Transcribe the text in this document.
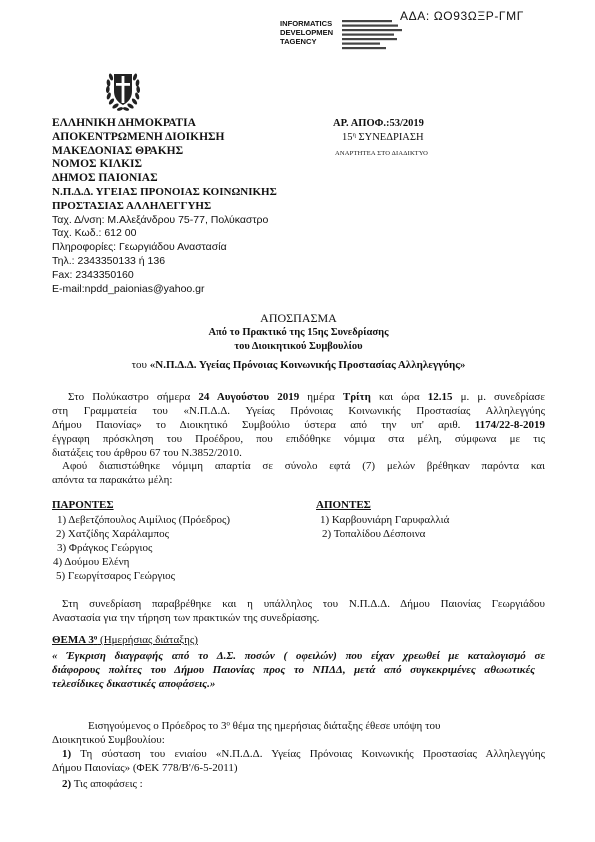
ΑΔΑ: ΩΟ93ΩΞΡ-ΓΜΓ
INFORMATICS
DEVELOPMEN
TAGENCY
ΕΛΛΗΝΙΚΗ ΔΗΜΟΚΡΑΤΙΑ
ΑΠΟΚΕΝΤΡΩΜΕΝΗ ΔΙΟΙΚΗΣΗ
ΜΑΚΕΔΟΝΙΑΣ ΘΡΑΚΗΣ
ΝΟΜΟΣ ΚΙΛΚΙΣ
ΔΗΜΟΣ ΠΑΙΟΝΙΑΣ
Ν.Π.Δ.Δ. ΥΓΕΙΑΣ ΠΡΟΝΟΙΑΣ ΚΟΙΝΩΝΙΚΗΣ
ΠΡΟΣΤΑΣΙΑΣ ΑΛΛΗΛΕΓΓΥΗΣ
Ταχ. Δ/νση: Μ.Αλεξάνδρου 75-77, Πολύκαστρο
Ταχ. Κωδ.: 612 00
Πληροφορίες: Γεωργιάδου Αναστασία
Τηλ.: 2343350133 ή 136
Fax: 2343350160
E-mail:npdd_paionias@yahoo.gr
ΑΡ. ΑΠΟΦ.:53/2019
$15^\eta$ ΣΥΝΕΔΡΙΑΣΗ
ΑΝΑΡΤΗΤΕΑ ΣΤΟ ΔΙΑΔΙΚΤΥΟ
ΑΠΟΣΠΑΣΜΑ
Από το Πρακτικό της 15ης Συνεδρίασης
του Διοικητικού Συμβουλίου
του «Ν.Π.Δ.Δ. Υγείας Πρόνοιας Κοινωνικής Προστασίας Αλληλεγγύης»
Στο Πολύκαστρο σήμερα 24 Αυγούστου 2019 ημέρα Τρίτη και ώρα 12.15 μ. μ. συνεδρίασε
στη Γραμματεία του «Ν.Π.Δ.Δ. Υγείας Πρόνοιας Κοινωνικής Προστασίας Αλληλεγγύης
Δήμου Παιονίας» το Διοικητικό Συμβούλιο ύστερα από την υπ' αριθ. 1174/22-8-2019
έγγραφη πρόσκληση του Προέδρου, που επιδόθηκε νόμιμα στα μέλη, σύμφωνα με τις
διατάξεις του άρθρου 67 του Ν.3852/2010.
Αφού διαπιστώθηκε νόμιμη απαρτία σε σύνολο εφτά (7) μελών βρέθηκαν παρόντα και
απόντα τα παρακάτω μέλη:
ΠΑΡΟΝΤΕΣ	ΑΠΟΝΤΕΣ
1) Δεβετζόπουλος Αιμίλιος (Πρόεδρος)
2) Χατζίδης Χαράλαμπος
3) Φράγκος Γεώργιος
4) Δούμου Ελένη
5) Γεωργίτσαρος Γεώργιος
1) Καρβουνιάρη Γαρυφαλλιά
2) Τοπαλίδου Δέσποινα
Στη συνεδρίαση παραβρέθηκε και η υπάλληλος του Ν.Π.Δ.Δ. Δήμου Παιονίας Γεωργιάδου
Αναστασία για την τήρηση των πρακτικών της συνεδρίασης.
ΘΕΜΑ $3^o$ (Ημερήσιας διάταξης)
« Έγκριση διαγραφής από το Δ.Σ. ποσών ( οφειλών) που είχαν χρεωθεί με καταλογισμό σε
διάφορους πολίτες του Δήμου Παιονίας προς το ΝΠΔΔ, μετά από συγκεκριμένες αθωωτικές
τελεσίδικες δικαστικές αποφάσεις.»
Εισηγούμενος ο Πρόεδρος το $3^o$ θέμα της ημερήσιας διάταξης έθεσε υπόψη του
Διοικητικού Συμβουλίου:
1) Τη σύσταση του ενιαίου «Ν.Π.Δ.Δ. Υγείας Πρόνοιας Κοινωνικής Προστασίας Αλληλεγγύης
Δήμου Παιονίας» (ΦΕΚ 778/Β'/6-5-2011)
2) Τις αποφάσεις :
